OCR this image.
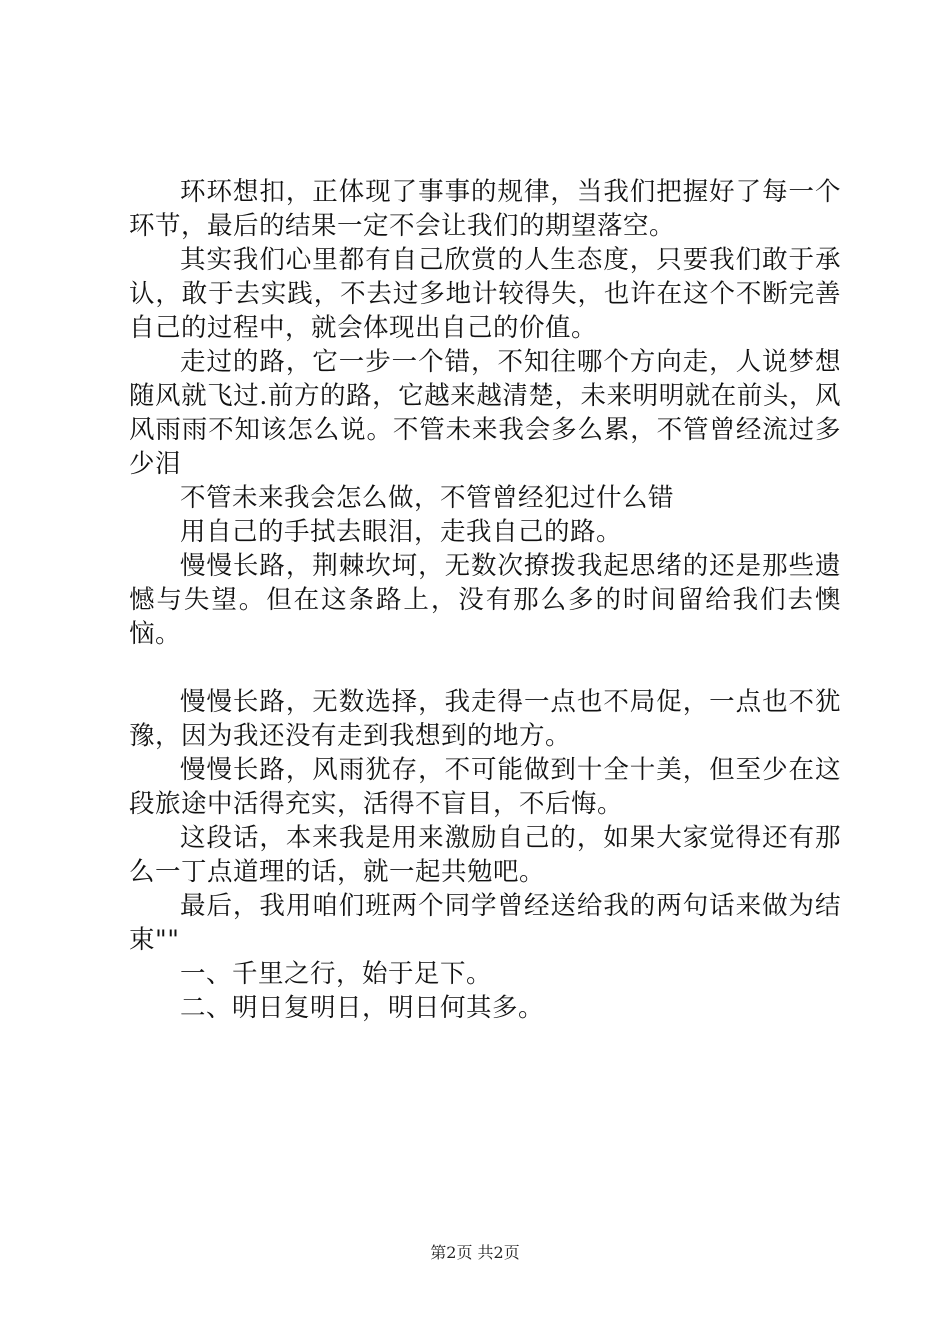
环环想扣，正体现了事事的规律，当我们把握好了每一个环节，最后的结果一定不会让我们的期望落空。

其实我们心里都有自己欣赏的人生态度，只要我们敢于承认，敢于去实践，不去过多地计较得失，也许在这个不断完善自己的过程中，就会体现出自己的价值。

走过的路，它一步一个错，不知往哪个方向走，人说梦想随风就飞过.前方的路，它越来越清楚，未来明明就在前头，风风雨雨不知该怎么说。不管未来我会多么累，不管曾经流过多少泪

不管未来我会怎么做，不管曾经犯过什么错

用自己的手拭去眼泪，走我自己的路。

慢慢长路，荆棘坎坷，无数次撩拨我起思绪的还是那些遗憾与失望。但在这条路上，没有那么多的时间留给我们去懊恼。

慢慢长路，无数选择，我走得一点也不局促，一点也不犹豫，因为我还没有走到我想到的地方。

慢慢长路，风雨犹存，不可能做到十全十美，但至少在这段旅途中活得充实，活得不盲目，不后悔。

这段话，本来我是用来激励自己的，如果大家觉得还有那么一丁点道理的话，就一起共勉吧。

最后，我用咱们班两个同学曾经送给我的两句话来做为结束""

一、千里之行，始于足下。

二、明日复明日，明日何其多。

第2页 共2页
